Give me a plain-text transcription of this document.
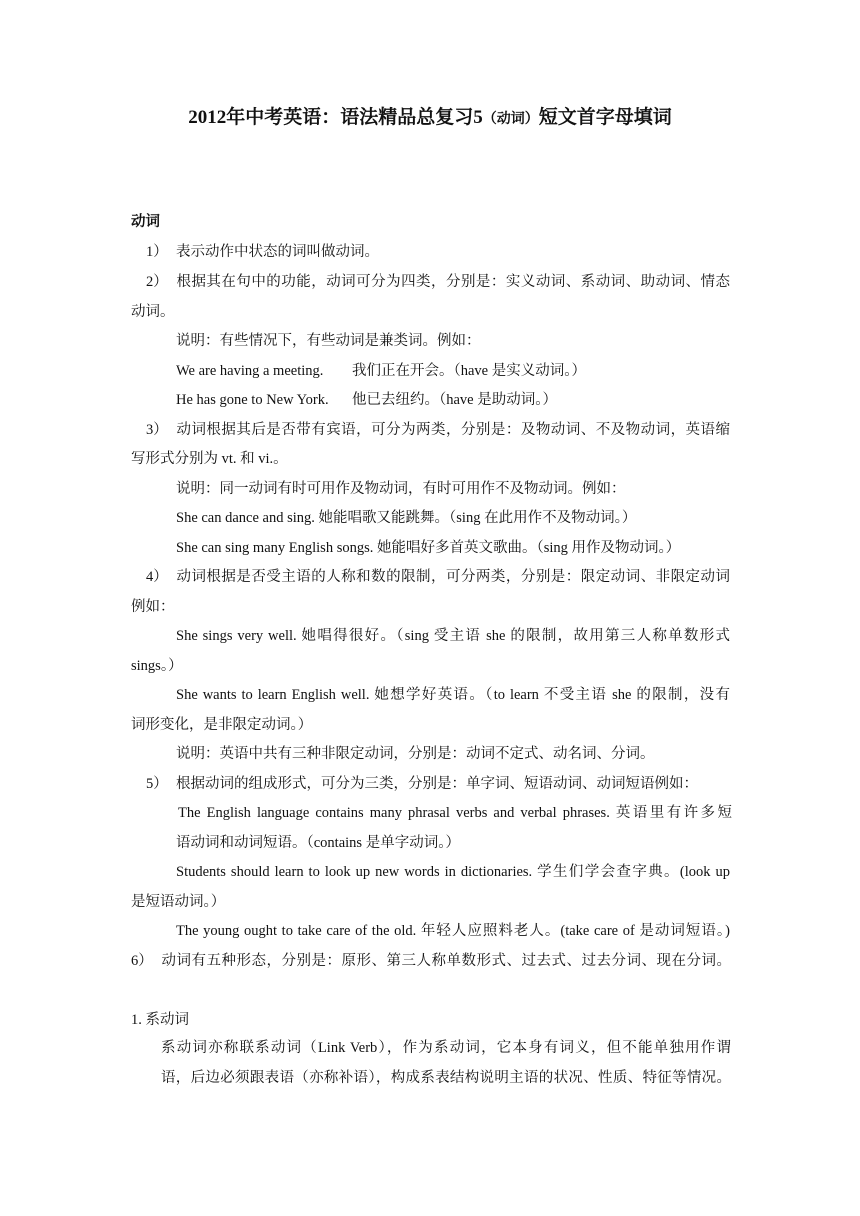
2012年中考英语：语法精品总复习5（动词）短文首字母填词
动词
1） 表示动作中状态的词叫做动词。
2） 根据其在句中的功能，动词可分为四类，分别是：实义动词、系动词、助动词、情态
动词。
说明：有些情况下，有些动词是兼类词。例如：
We are having a meeting. 我们正在开会。（have 是实义动词。）
He has gone to New York. 他已去纽约。（have 是助动词。）
3） 动词根据其后是否带有宾语，可分为两类，分别是：及物动词、不及物动词，英语缩
写形式分别为 vt. 和 vi.。
说明：同一动词有时可用作及物动词，有时可用作不及物动词。例如：
She can dance and sing. 她能唱歌又能跳舞。（sing 在此用作不及物动词。）
She can sing many English songs. 她能唱好多首英文歌曲。（sing 用作及物动词。）
4） 动词根据是否受主语的人称和数的限制，可分两类，分别是：限定动词、非限定动词
例如：
She sings very well. 她唱得很好。（sing 受主语 she 的限制，故用第三人称单数形式
sings。）
She wants to learn English well. 她想学好英语。（to learn 不受主语 she 的限制，没有
词形变化，是非限定动词。）
说明：英语中共有三种非限定动词，分别是：动词不定式、动名词、分词。
5） 根据动词的组成形式，可分为三类，分别是：单字词、短语动词、动词短语例如：
The English language contains many phrasal verbs and verbal phrases. 英语里有许多短
语动词和动词短语。（contains 是单字动词。）
Students should learn to look up new words in dictionaries. 学生们学会查字典。(look up
是短语动词。）
The young ought to take care of the old. 年轻人应照料老人。(take care of 是动词短语。)
6） 动词有五种形态，分别是：原形、第三人称单数形式、过去式、过去分词、现在分词。
1. 系动词
系动词亦称联系动词（Link Verb），作为系动词，它本身有词义，但不能单独用作谓
语，后边必须跟表语（亦称补语），构成系表结构说明主语的状况、性质、特征等情况。
